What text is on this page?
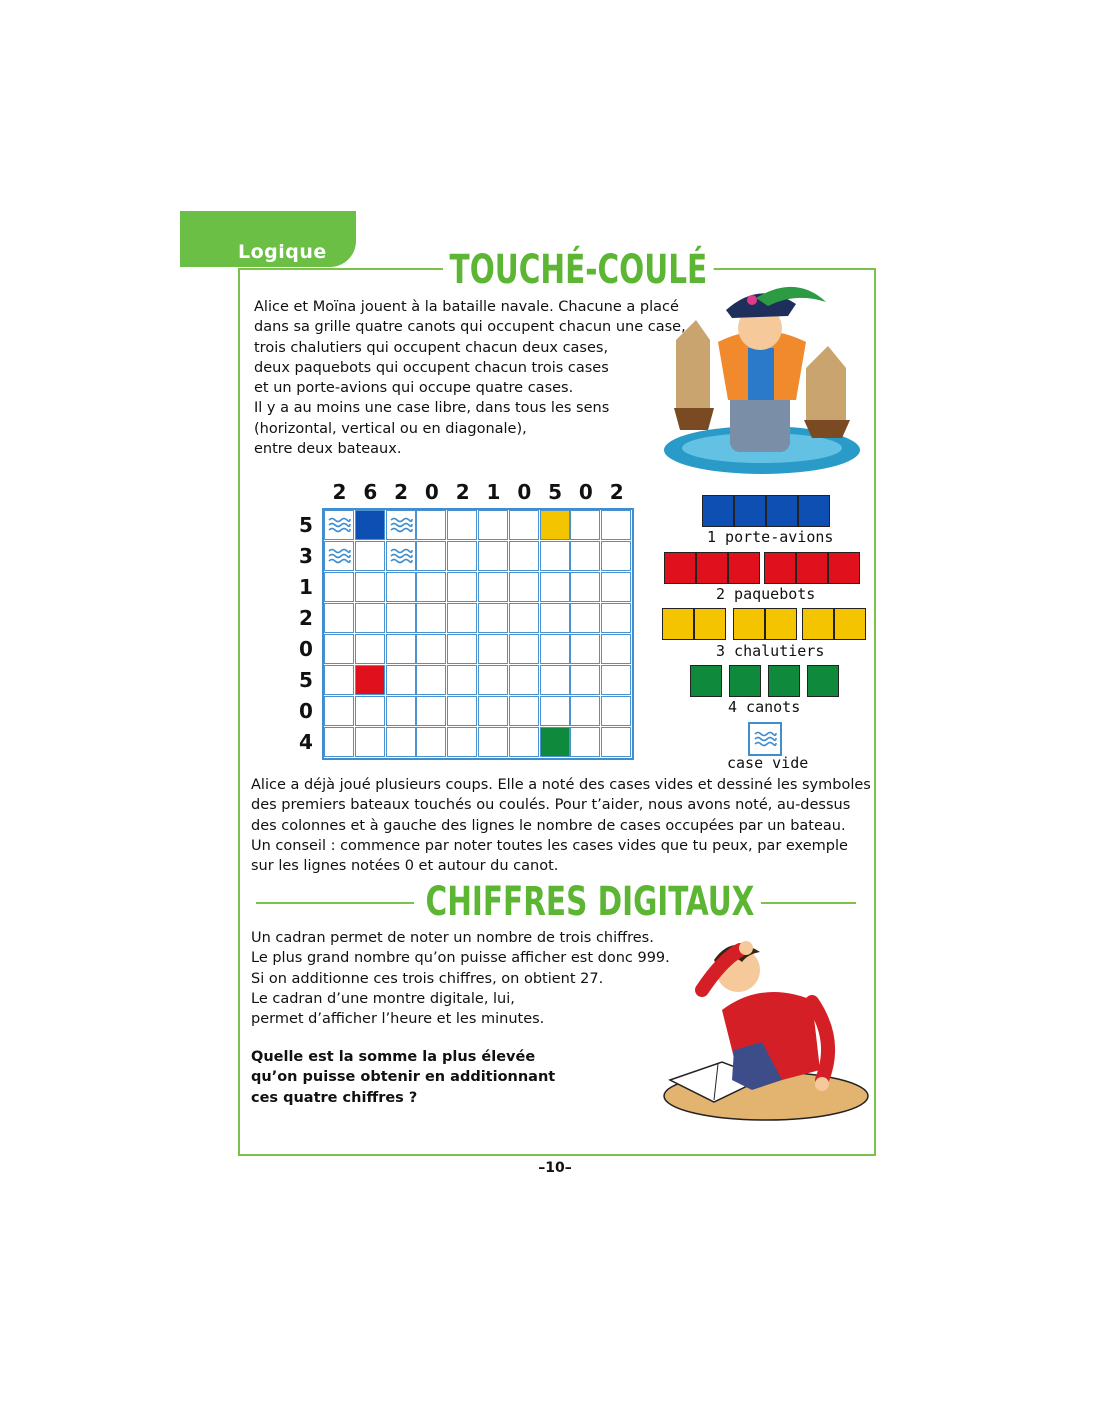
Logique	TOUCHÉ-COULÉ
Alice et Moïna jouent à la bataille navale. Chacune a placé
dans sa grille quatre canots qui occupent chacun une case,
trois chalutiers qui occupent chacun deux cases,
deux paquebots qui occupent chacun trois cases
et un porte-avions qui occupe quatre cases.
Il y a au moins une case libre, dans tous les sens
(horizontal, vertical ou en diagonale),
entre deux bateaux.
2 6 2 0 2 1 0 5 0 2
5
3
1
2
0
5
0
4
1 porte-avions
2 paquebots
3 chalutiers
4 canots
case vide
Alice a déjà joué plusieurs coups. Elle a noté des cases vides et dessiné les symboles
des premiers bateaux touchés ou coulés. Pour t’aider, nous avons noté, au-dessus
des colonnes et à gauche des lignes le nombre de cases occupées par un bateau.
Un conseil : commence par noter toutes les cases vides que tu peux, par exemple
sur les lignes notées 0 et autour du canot.
CHIFFRES DIGITAUX
Un cadran permet de noter un nombre de trois chiffres.
Le plus grand nombre qu’on puisse afficher est donc 999.
Si on additionne ces trois chiffres, on obtient 27.
Le cadran d’une montre digitale, lui,
permet d’afficher l’heure et les minutes.
Quelle est la somme la plus élevée
qu’on puisse obtenir en additionnant
ces quatre chiffres ?
–10–
